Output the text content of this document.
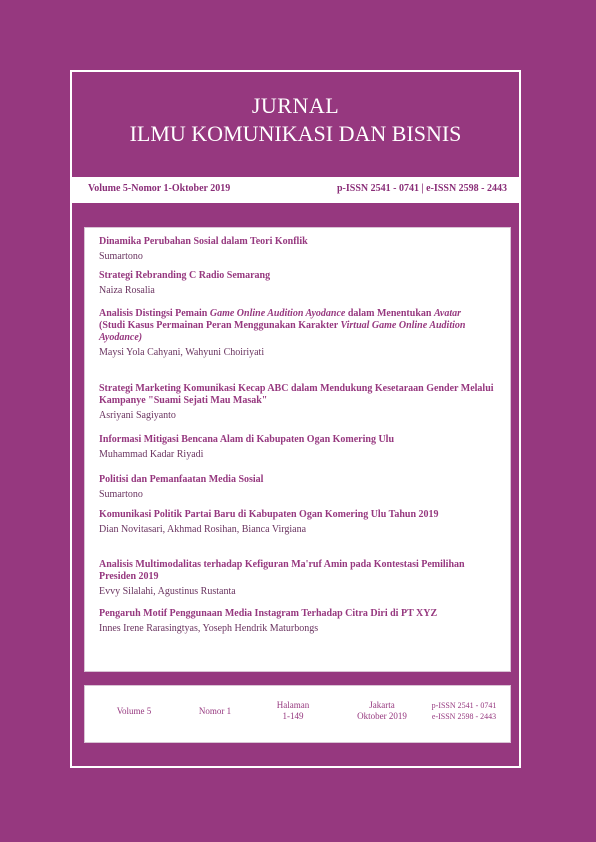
JURNAL
ILMU KOMUNIKASI DAN BISNIS
Volume 5-Nomor 1-Oktober 2019	p-ISSN 2541 - 0741 | e-ISSN 2598 - 2443
Dinamika Perubahan Sosial dalam Teori Konflik
Sumartono
Strategi Rebranding C Radio Semarang
Naiza Rosalia
Analisis Distingsi Pemain Game Online Audition Ayodance dalam Menentukan Avatar
(Studi Kasus Permainan Peran Menggunakan Karakter Virtual Game Online Audition Ayodance)
Maysi Yola Cahyani, Wahyuni Choiriyati
Strategi Marketing Komunikasi Kecap ABC dalam Mendukung Kesetaraan Gender Melalui Kampanye "Suami Sejati Mau Masak"
Asriyani Sagiyanto
Informasi Mitigasi Bencana Alam di Kabupaten Ogan Komering Ulu
Muhammad Kadar Riyadi
Politisi dan Pemanfaatan Media Sosial
Sumartono
Komunikasi Politik Partai Baru di Kabupaten Ogan Komering Ulu Tahun 2019
Dian Novitasari, Akhmad Rosihan, Bianca Virgiana
Analisis Multimodalitas terhadap Kefiguran Ma'ruf Amin pada Kontestasi Pemilihan Presiden 2019
Evvy Silalahi, Agustinus Rustanta
Pengaruh Motif Penggunaan Media Instagram Terhadap Citra Diri di PT XYZ
Innes Irene Rarasingtyas, Yoseph Hendrik Maturbongs
Volume 5	Nomor 1
Halaman
1-149
Jakarta
Oktober 2019
p-ISSN 2541 - 0741
e-ISSN 2598 - 2443
